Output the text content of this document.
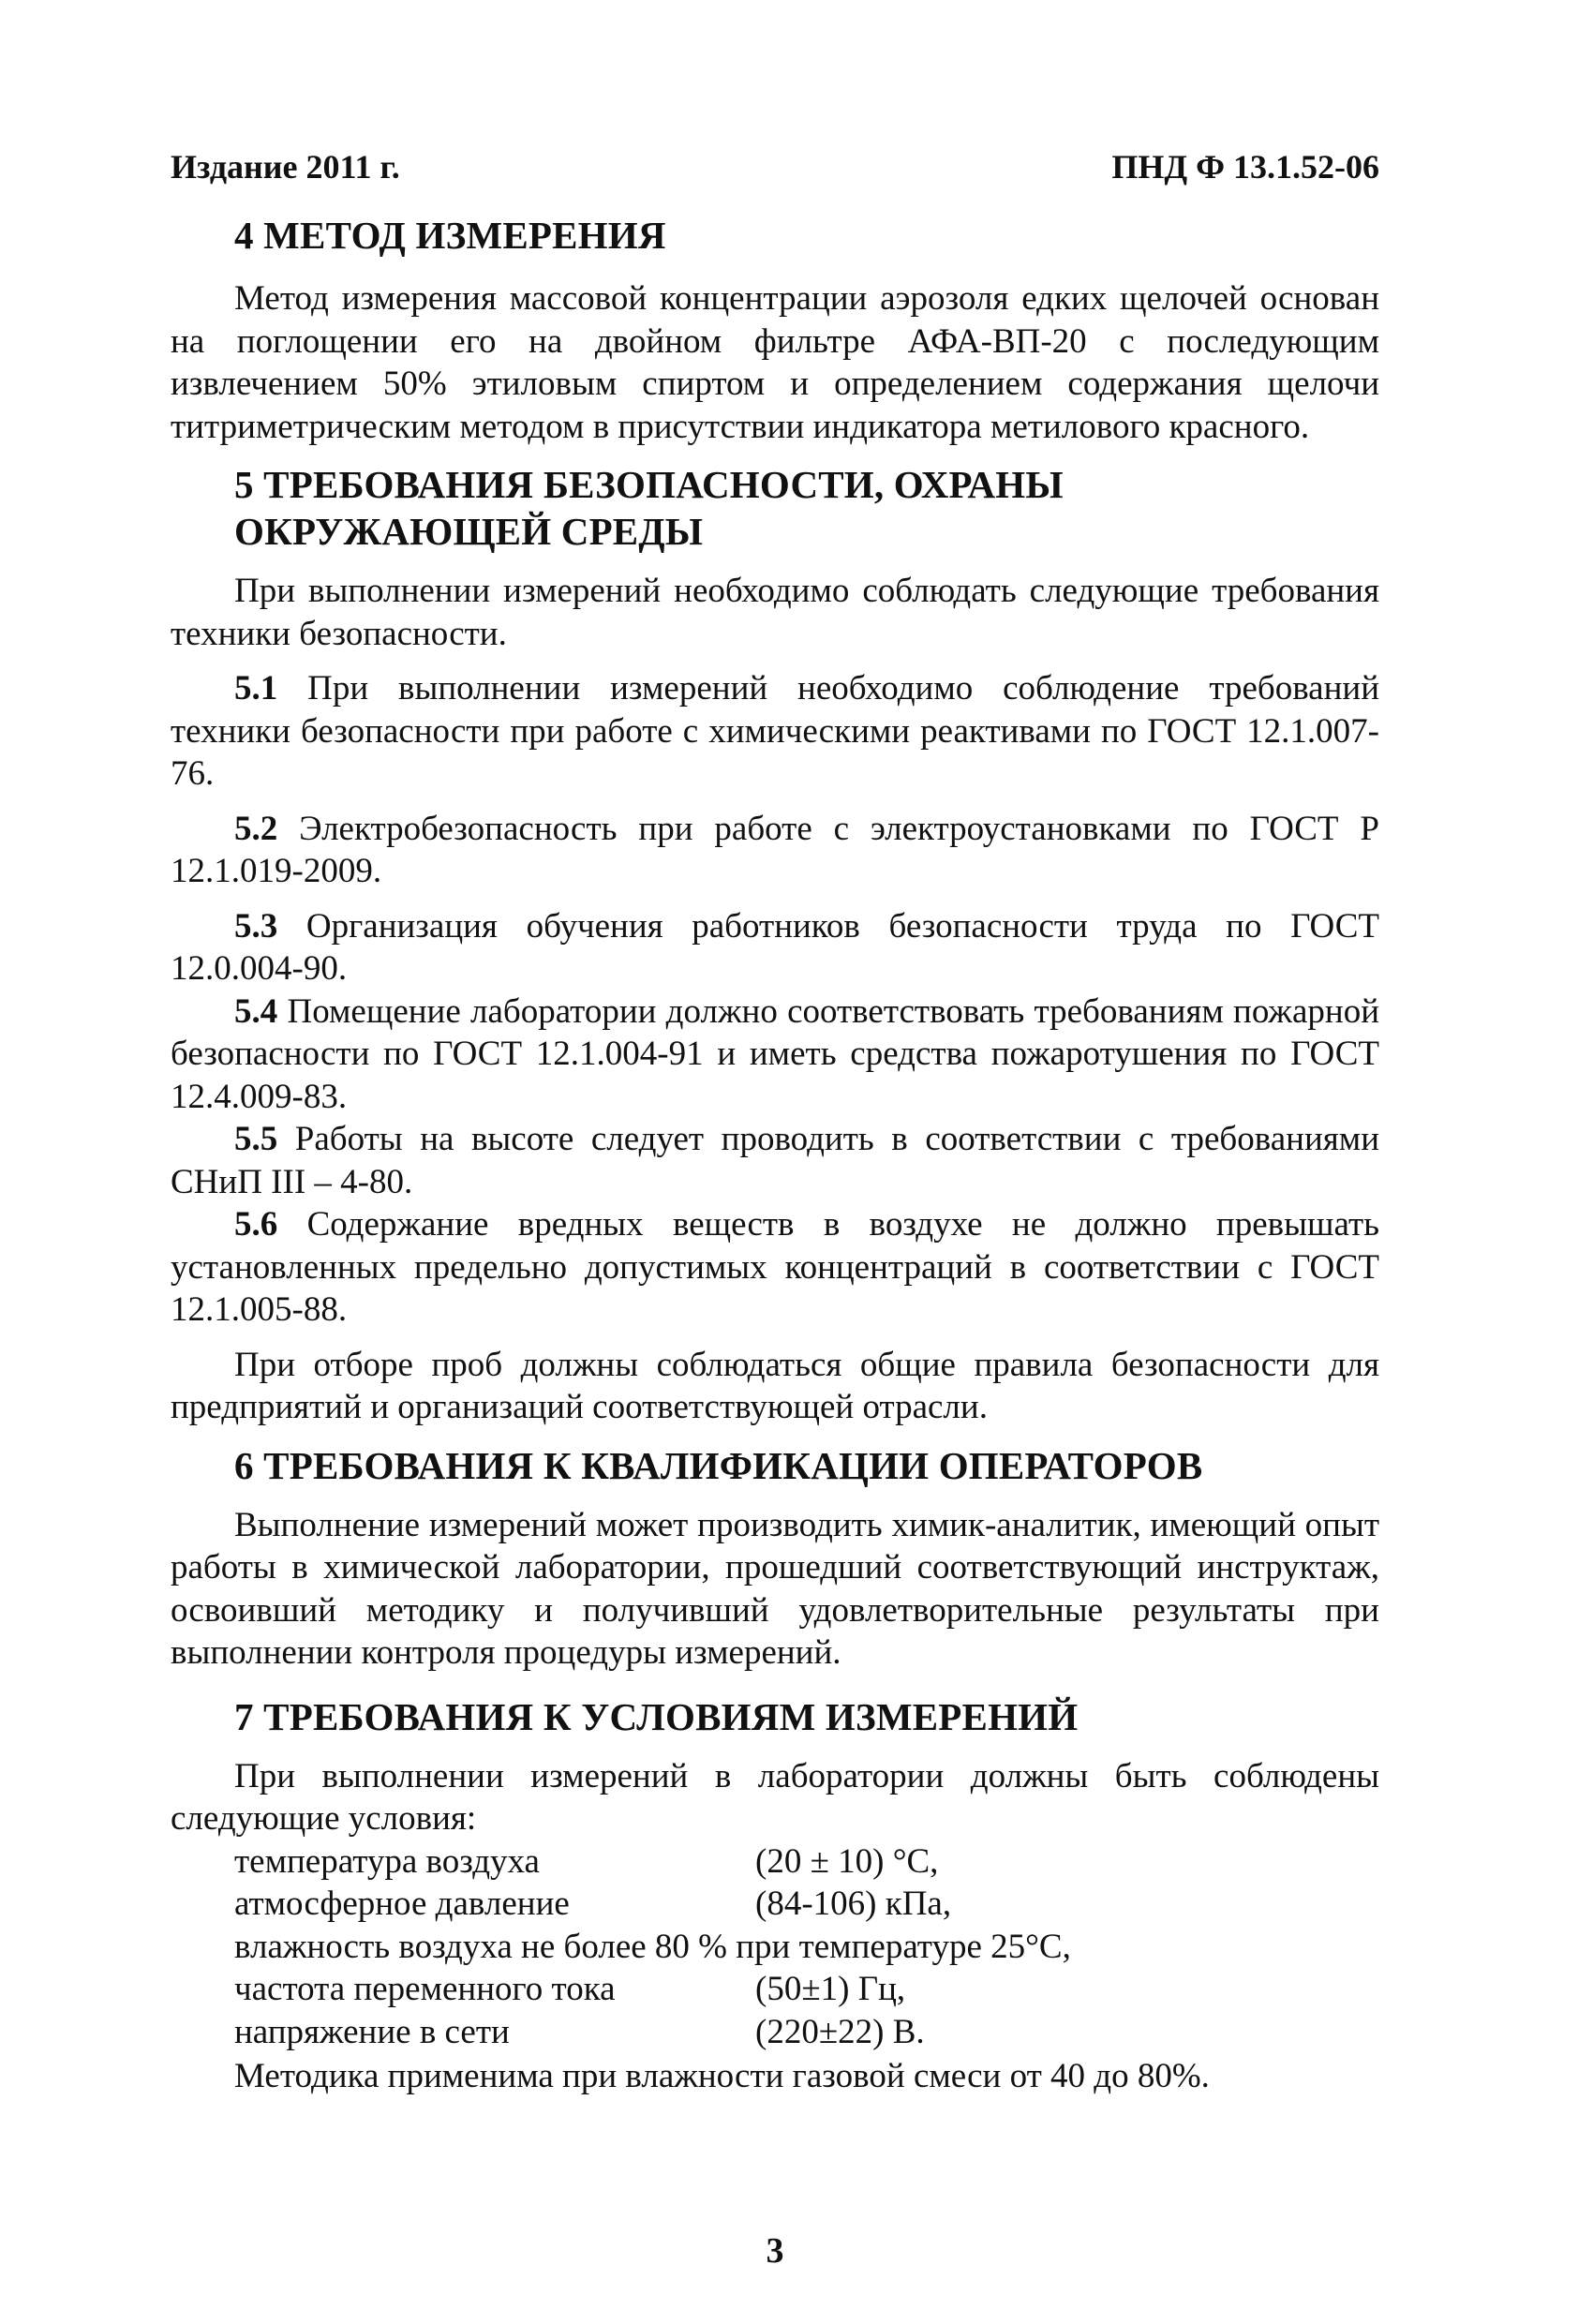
Издание 2011 г.	ПНД Ф 13.1.52-06
4 МЕТОД ИЗМЕРЕНИЯ

Метод измерения массовой концентрации аэрозоля едких щелочей основан на поглощении его на двойном фильтре АФА-ВП-20 с последующим извлечением 50% этиловым спиртом и определением содержания щелочи титриметрическим методом в присутствии индикатора метилового красного.

5 ТРЕБОВАНИЯ БЕЗОПАСНОСТИ, ОХРАНЫ
ОКРУЖАЮЩЕЙ СРЕДЫ

При выполнении измерений необходимо соблюдать следующие требования техники безопасности.

5.1 При выполнении измерений необходимо соблюдение требований техники безопасности при работе с химическими реактивами по ГОСТ 12.1.007-76.

5.2 Электробезопасность при работе с электроустановками по ГОСТ Р 12.1.019-2009.

5.3 Организация обучения работников безопасности труда по ГОСТ 12.0.004-90.

5.4 Помещение лаборатории должно соответствовать требованиям пожарной безопасности по ГОСТ 12.1.004-91 и иметь средства пожаротушения по ГОСТ 12.4.009-83.

5.5 Работы на высоте следует проводить в соответствии с требованиями СНиП III – 4-80.

5.6 Содержание вредных веществ в воздухе не должно превышать установленных предельно допустимых концентраций в соответствии с ГОСТ 12.1.005-88.

При отборе проб должны соблюдаться общие правила безопасности для предприятий и организаций соответствующей отрасли.

6 ТРЕБОВАНИЯ К КВАЛИФИКАЦИИ ОПЕРАТОРОВ

Выполнение измерений может производить химик-аналитик, имеющий опыт работы в химической лаборатории, прошедший соответствующий инструктаж, освоивший методику и получивший удовлетворительные результаты при выполнении контроля процедуры измерений.

7 ТРЕБОВАНИЯ К УСЛОВИЯМ ИЗМЕРЕНИЙ

При выполнении измерений в лаборатории должны быть соблюдены следующие условия:

температура воздуха	(20 ± 10) °С,
атмосферное давление	(84-106) кПа,
влажность воздуха не более 80 % при температуре 25°С,
частота переменного тока	(50±1) Гц,
напряжение в сети	(220±22) В.
Методика применима при влажности газовой смеси от 40 до 80%.
3
